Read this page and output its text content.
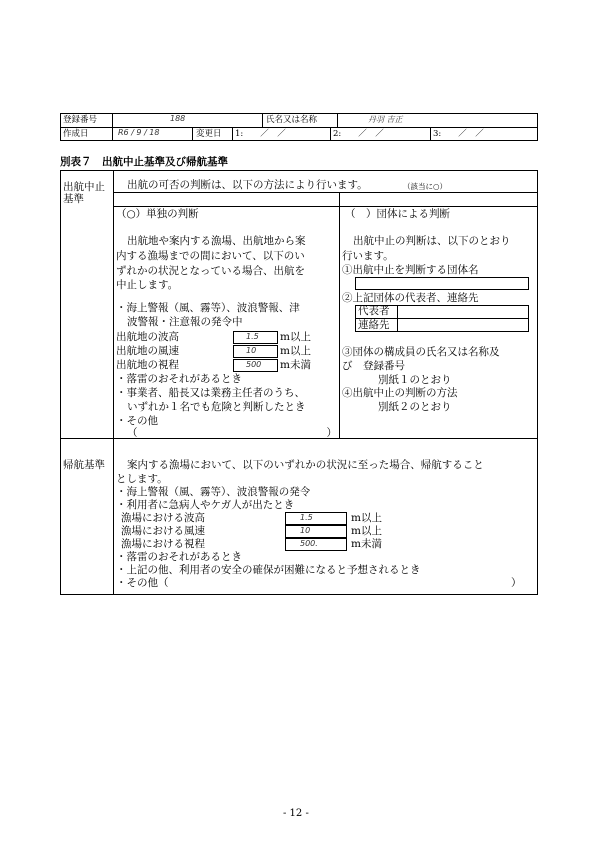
登録番号	188	氏名又は名称	丹羽 吉正
作成日	R6 / 9 / 18	変更日 1:　　／　／	2:　　／　／	3:　　／　／
別表７　出航中止基準及び帰航基準
出航中止
基準
出航の可否の判断は、以下の方法により行います。	（該当に○）
（○）単独の判断	（　）団体による判断
出航地や案内する漁場、出航地から案
内する漁場までの間において、以下のい
ずれかの状況となっている場合、出航を
中止します。
・海上警報（風、霧等）、波浪警報、津
波警報・注意報の発令中
出航地の波高	1.5 m以上
出航地の風速	10 m以上
出航地の視程	500 m未満
・落雷のおそれがあるとき
・事業者、船長又は業務主任者のうち、
いずれか１名でも危険と判断したとき
・その他
（　　　　　　　　　　　　　　　　　　）
出航中止の判断は、以下のとおり
行います。
①出航中止を判断する団体名
②上記団体の代表者、連絡先
代表者
連絡先
③団体の構成員の氏名又は名称及
び　登録番号
別紙１のとおり
④出航中止の判断の方法
別紙２のとおり
帰航基準 案内する漁場において、以下のいずれかの状況に至った場合、帰航すること
とします。
・海上警報（風、霧等）、波浪警報の発令
・利用者に急病人やケガ人が出たとき
漁場における波高	1.5	m以上
漁場における風速	10	m以上
漁場における視程	500.	m未満
・落雷のおそれがあるとき
・上記の他、利用者の安全の確保が困難になると予想されるとき
・その他（	）
- 12 -
